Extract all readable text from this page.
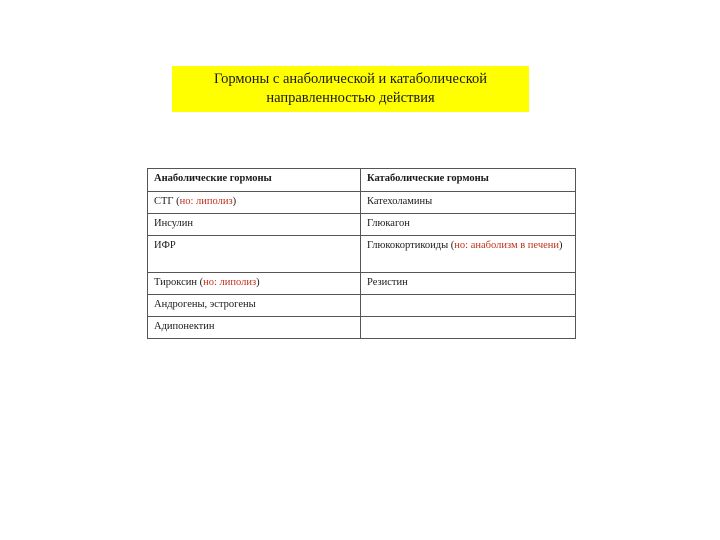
Гормоны с анаболической и катаболической
направленностью действия
Анаболические гормоны	Катаболические гормоны
СТГ (но: липолиз)	Катехоламины
Инсулин	Глюкагон
ИФР	Глюкокортикоиды (но: анаболизм в печени)
Тироксин (но: липолиз)	Резистин
Андрогены, эстрогены	
Адипонектин	
